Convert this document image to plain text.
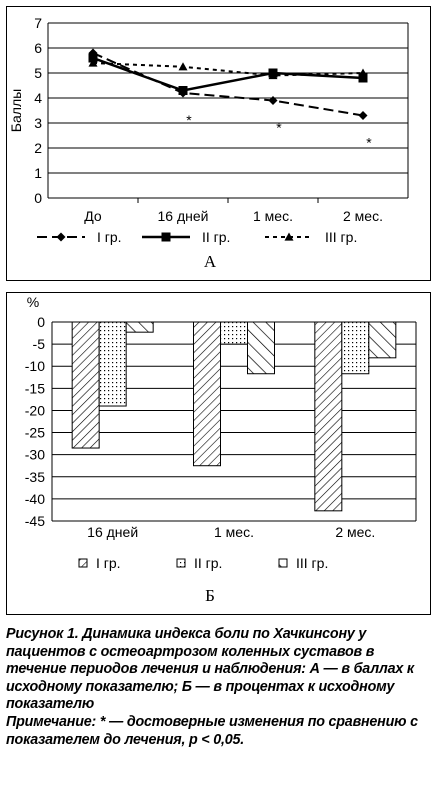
0
1
2
3
4
5
6
7
До	16 дней	1 мес.	2 мес.
Баллы	*	*
*
I гр.	II гр.	III гр.
А
%
0
-5
-10
-15
-20
-25
-30
-35
-40
-45
16 дней	1 мес.	2 мес.
I гр.	II гр.	III гр.
Б

Рисунок 1. Динамика индекса боли по Хачкинсону у пациентов с остеоартрозом коленных суставов в течение периодов лечения и наблюдения: А — в баллах к исходному показателю; Б — в процентах к исходному показателю

Примечание: * — достоверные изменения по сравнению с показателем до лечения, р < 0,05.
